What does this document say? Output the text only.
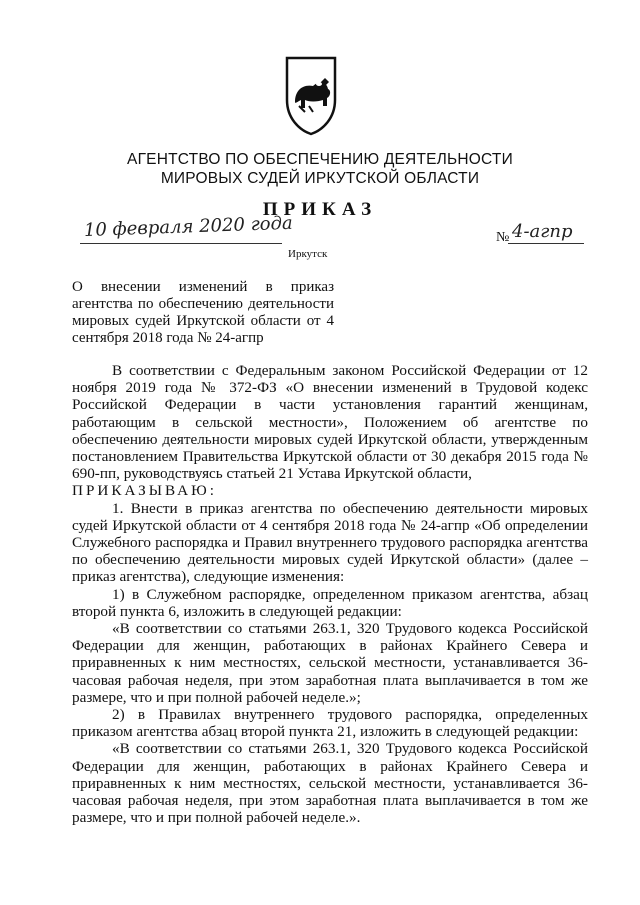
АГЕНТСТВО ПО ОБЕСПЕЧЕНИЮ ДЕЯТЕЛЬНОСТИ
МИРОВЫХ СУДЕЙ ИРКУТСКОЙ ОБЛАСТИ
ПРИКАЗ
10 февраля 2020 года
Иркутск
№ 4-агпр
О внесении изменений в приказ агентства по обеспечению деятельности мировых судей Иркутской области от 4 сентября 2018 года № 24-агпр

В соответствии с Федеральным законом Российской Федерации от 12 ноября 2019 года № 372-ФЗ «О внесении изменений в Трудовой кодекс Российской Федерации в части установления гарантий женщинам, работающим в сельской местности», Положением об агентстве по обеспечению деятельности мировых судей Иркутской области, утвержденным постановлением Правительства Иркутской области от 30 декабря 2015 года № 690-пп, руководствуясь статьей 21 Устава Иркутской области,

ПРИКАЗЫВАЮ:

1. Внести в приказ агентства по обеспечению деятельности мировых судей Иркутской области от 4 сентября 2018 года № 24-агпр «Об определении Служебного распорядка и Правил внутреннего трудового распорядка агентства по обеспечению деятельности мировых судей Иркутской области» (далее – приказ агентства), следующие изменения:

1) в Служебном распорядке, определенном приказом агентства, абзац второй пункта 6, изложить в следующей редакции:

«В соответствии со статьями 263.1, 320 Трудового кодекса Российской Федерации для женщин, работающих в районах Крайнего Севера и приравненных к ним местностях, сельской местности, устанавливается 36-часовая рабочая неделя, при этом заработная плата выплачивается в том же размере, что и при полной рабочей неделе.»;

2) в Правилах внутреннего трудового распорядка, определенных приказом агентства абзац второй пункта 21, изложить в следующей редакции:

«В соответствии со статьями 263.1, 320 Трудового кодекса Российской Федерации для женщин, работающих в районах Крайнего Севера и приравненных к ним местностях, сельской местности, устанавливается 36-часовая рабочая неделя, при этом заработная плата выплачивается в том же размере, что и при полной рабочей неделе.».
